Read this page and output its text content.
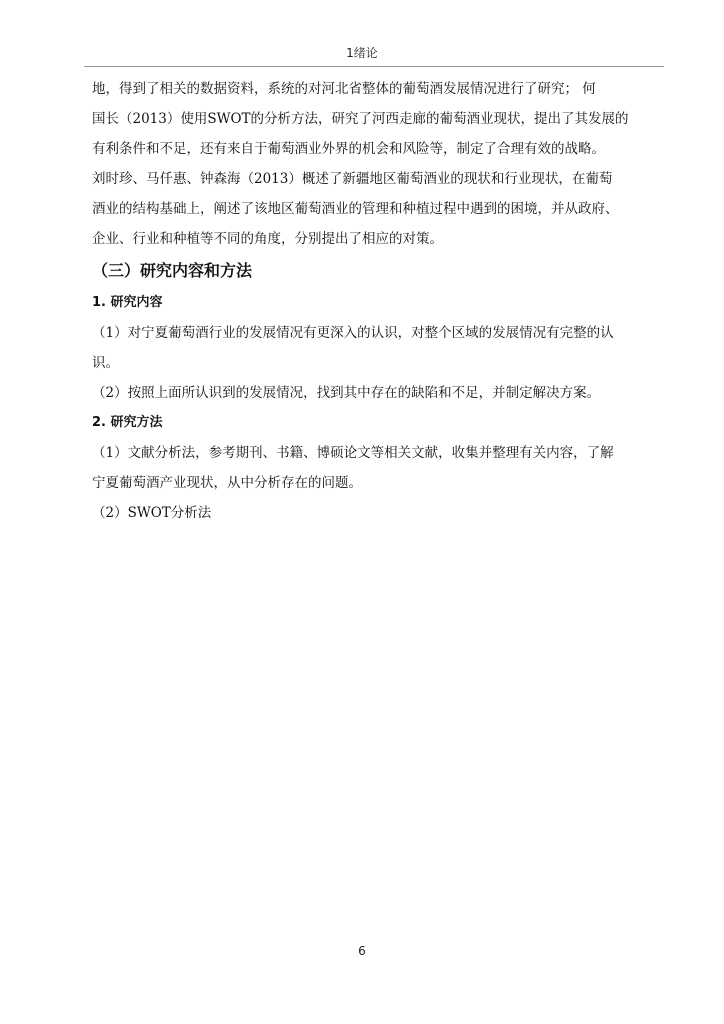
1绪论

地，得到了相关的数据资料，系统的对河北省整体的葡萄酒发展情况进行了研究； 何

国长（2013）使用SWOT的分析方法，研究了河西走廊的葡萄酒业现状，提出了其发展的

有利条件和不足，还有来自于葡萄酒业外界的机会和风险等，制定了合理有效的战略。

刘时珍、马仟惠、钟森海（2013）概述了新疆地区葡萄酒业的现状和行业现状，在葡萄

酒业的结构基础上，阐述了该地区葡萄酒业的管理和种植过程中遇到的困境，并从政府、

企业、行业和种植等不同的角度，分别提出了相应的对策。

（三）研究内容和方法
1. 研究内容

（1）对宁夏葡萄酒行业的发展情况有更深入的认识，对整个区域的发展情况有完整的认

识。

（2）按照上面所认识到的发展情况，找到其中存在的缺陷和不足，并制定解决方案。

2. 研究方法

（1）文献分析法，参考期刊、书籍、博硕论文等相关文献，收集并整理有关内容，了解

宁夏葡萄酒产业现状，从中分析存在的问题。

（2）SWOT分析法

6
